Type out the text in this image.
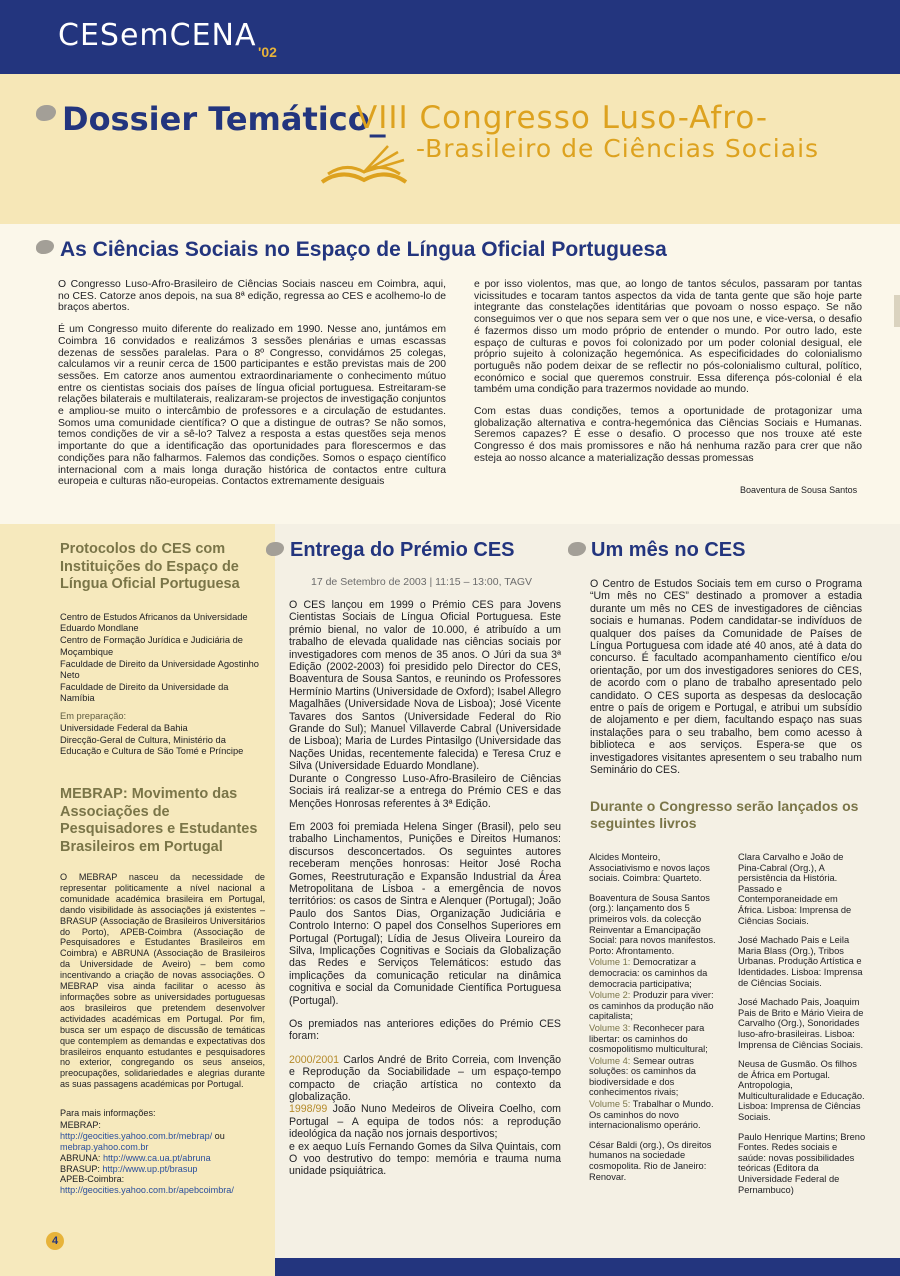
CESemCENA '02
Dossier Temático_
VIII Congresso Luso-Afro-
-Brasileiro de Ciências Sociais
As Ciências Sociais no Espaço de Língua Oficial Portuguesa

O Congresso Luso-Afro-Brasileiro de Ciências Sociais nasceu em Coimbra, aqui, no CES. Catorze anos depois, na sua 8ª edição, regressa ao CES e acolhemo-lo de braços abertos.

É um Congresso muito diferente do realizado em 1990. Nesse ano, juntámos em Coimbra 16 convidados e realizámos 3 sessões plenárias e umas escassas dezenas de sessões paralelas. Para o 8º Congresso, convidámos 25 colegas, calculamos vir a reunir cerca de 1500 participantes e estão previstas mais de 200 sessões. Em catorze anos aumentou extraordinariamente o conhecimento mútuo entre os cientistas sociais dos países de língua oficial portuguesa. Estreitaram-se relações bilaterais e multilaterais, realizaram-se projectos de investigação conjuntos e ampliou-se muito o intercâmbio de professores e a circulação de estudantes. Somos uma comunidade científica? O que a distingue de outras? Se não somos, temos condições de vir a sê-lo? Talvez a resposta a estas questões seja menos importante do que a identificação das oportunidades para florescermos e das condições para não falharmos. Falemos das condições. Somos o espaço científico internacional com a mais longa duração histórica de contactos entre cultura europeia e culturas não-europeias. Contactos extremamente desiguais

e por isso violentos, mas que, ao longo de tantos séculos, passaram por tantas vicissitudes e tocaram tantos aspectos da vida de tanta gente que são hoje parte integrante das constelações identitárias que povoam o nosso espaço. Se não conseguimos ver o que nos separa sem ver o que nos une, e vice-versa, o desafio é fazermos disso um modo próprio de entender o mundo. Por outro lado, este espaço de culturas e povos foi colonizado por um poder colonial desigual, ele próprio sujeito à colonização hegemónica. As especificidades do colonialismo português não podem deixar de se reflectir no pós-colonialismo cultural, político, económico e social que queremos construir. Essa diferença pós-colonial é ela também uma condição para trazermos novidade ao mundo.

Com estas duas condições, temos a oportunidade de protagonizar uma globalização alternativa e contra-hegemónica das Ciências Sociais e Humanas. Seremos capazes? É esse o desafio. O processo que nos trouxe até este Congresso é dos mais promissores e não há nenhuma razão para crer que não esteja ao nosso alcance a materialização dessas promessas

Boaventura de Sousa Santos
Protocolos do CES com Instituições do Espaço de Língua Oficial Portuguesa
Centro de Estudos Africanos da Universidade Eduardo Mondlane
Centro de Formação Jurídica e Judiciária de Moçambique
Faculdade de Direito da Universidade Agostinho Neto
Faculdade de Direito da Universidade da Namíbia
Em preparação:
Universidade Federal da Bahia
Direcção-Geral de Cultura, Ministério da Educação e Cultura de São Tomé e Príncipe
MEBRAP: Movimento das Associações de Pesquisadores e Estudantes Brasileiros em Portugal

O MEBRAP nasceu da necessidade de representar politicamente a nível nacional a comunidade académica brasileira em Portugal, dando visibilidade às associações já existentes – BRASUP (Associação de Brasileiros Universitários do Porto), APEB-Coimbra (Associação de Pesquisadores e Estudantes Brasileiros em Coimbra) e ABRUNA (Associação de Brasileiros da Universidade de Aveiro) – bem como incentivando a criação de novas associações. O MEBRAP visa ainda facilitar o acesso às informações sobre as universidades portuguesas aos brasileiros que pretendem desenvolver actividades académicas em Portugal. Por fim, busca ser um espaço de discussão de temáticas que contemplem as demandas e expectativas dos brasileiros enquanto estudantes e pesquisadores no exterior, congregando os seus anseios, preocupações, solidariedades e alegrias durante as suas passagens académicas por Portugal.

Para mais informações:
MEBRAP:
http://geocities.yahoo.com.br/mebrap/ ou
mebrap.yahoo.com.br
ABRUNA: http://www.ca.ua.pt/abruna
BRASUP: http://www.up.pt/brasup
APEB-Coimbra:
http://geocities.yahoo.com.br/apebcoimbra/
Entrega do Prémio CES
17 de Setembro de 2003 | 11:15 – 13:00, TAGV

O CES lançou em 1999 o Prémio CES para Jovens Cientistas Sociais de Língua Oficial Portuguesa. Este prémio bienal, no valor de 10.000, é atribuído a um trabalho de elevada qualidade nas ciências sociais por investigadores com menos de 35 anos. O Júri da sua 3ª Edição (2002-2003) foi presidido pelo Director do CES, Boaventura de Sousa Santos, e reunindo os Professores Hermínio Martins (Universidade de Oxford); Isabel Allegro Magalhães (Universidade Nova de Lisboa); José Vicente Tavares dos Santos (Universidade Federal do Rio Grande do Sul); Manuel Villaverde Cabral (Universidade de Lisboa); Maria de Lurdes Pintasilgo (Universidade das Nações Unidas, recentemente falecida) e Teresa Cruz e Silva (Universidade Eduardo Mondlane).

Durante o Congresso Luso-Afro-Brasileiro de Ciências Sociais irá realizar-se a entrega do Prémio CES e das Menções Honrosas referentes à 3ª Edição.

Em 2003 foi premiada Helena Singer (Brasil), pelo seu trabalho Linchamentos, Punições e Direitos Humanos: discursos desconcertados. Os seguintes autores receberam menções honrosas: Heitor José Rocha Gomes, Reestruturação e Expansão Industrial da Área Metropolitana de Lisboa - a emergência de novos territórios: os casos de Sintra e Alenquer (Portugal); João Paulo dos Santos Dias, Organização Judiciária e Controlo Interno: O papel dos Conselhos Superiores em Portugal (Portugal); Lídia de Jesus Oliveira Loureiro da Silva, Implicações Cognitivas e Sociais da Globalização das Redes e Serviços Telemáticos: estudo das implicações da comunicação reticular na dinâmica cognitiva e social da Comunidade Científica Portuguesa (Portugal).

Os premiados nas anteriores edições do Prémio CES foram:

2000/2001 Carlos André de Brito Correia, com Invenção e Reprodução da Sociabilidade – um espaço-tempo compacto de criação artística no contexto da globalização.

1998/99 João Nuno Medeiros de Oliveira Coelho, com Portugal – A equipa de todos nós: a reprodução ideológica da nação nos jornais desportivos;

e ex aequo Luís Fernando Gomes da Silva Quintais, com O voo destrutivo do tempo: memória e trauma numa unidade psiquiátrica.

Um mês no CES

O Centro de Estudos Sociais tem em curso o Programa “Um mês no CES” destinado a promover a estadia durante um mês no CES de investigadores de ciências sociais e humanas. Podem candidatar-se indivíduos de qualquer dos países da Comunidade de Países de Língua Portuguesa com idade até 40 anos, até à data do concurso. É facultado acompanhamento científico e/ou orientação, por um dos investigadores seniores do CES, de acordo com o plano de trabalho apresentado pelo candidato. O CES suporta as despesas da deslocação entre o país de origem e Portugal, e atribui um subsídio de alojamento e per diem, facultando espaço nas suas instalações para o seu trabalho, bem como acesso à biblioteca e aos serviços. Espera-se que os investigadores visitantes apresentem o seu trabalho num Seminário do CES.

Durante o Congresso serão lançados os seguintes livros
Alcides Monteiro, Associativismo e novos laços sociais. Coimbra: Quarteto.
Boaventura de Sousa Santos (org.): lançamento dos 5 primeiros vols. da colecção Reinventar a Emancipação Social: para novos manifestos. Porto: Afrontamento.
Volume 1: Democratizar a democracia: os caminhos da democracia participativa;
Volume 2: Produzir para viver: os caminhos da produção não capitalista;
Volume 3: Reconhecer para libertar: os caminhos do cosmopolitismo multicultural;
Volume 4: Semear outras soluções: os caminhos da biodiversidade e dos conhecimentos rivais;
Volume 5: Trabalhar o Mundo. Os caminhos do novo internacionalismo operário.
César Baldi (org.), Os direitos humanos na sociedade cosmopolita. Rio de Janeiro: Renovar.
Clara Carvalho e João de Pina-Cabral (Org.), A persistência da História. Passado e Contemporaneidade em África. Lisboa: Imprensa de Ciências Sociais.
José Machado Pais e Leila Maria Blass (Org.), Tribos Urbanas. Produção Artística e Identidades. Lisboa: Imprensa de Ciências Sociais.
José Machado Pais, Joaquim Pais de Brito e Mário Vieira de Carvalho (Org.), Sonoridades luso-afro-brasileiras. Lisboa: Imprensa de Ciências Sociais.
Neusa de Gusmão. Os filhos de África em Portugal. Antropologia, Multiculturalidade e Educação. Lisboa: Imprensa de Ciências Sociais.
Paulo Henrique Martins; Breno Fontes. Redes sociais e saúde: novas possibilidades teóricas (Editora da Universidade Federal de Pernambuco)
4
